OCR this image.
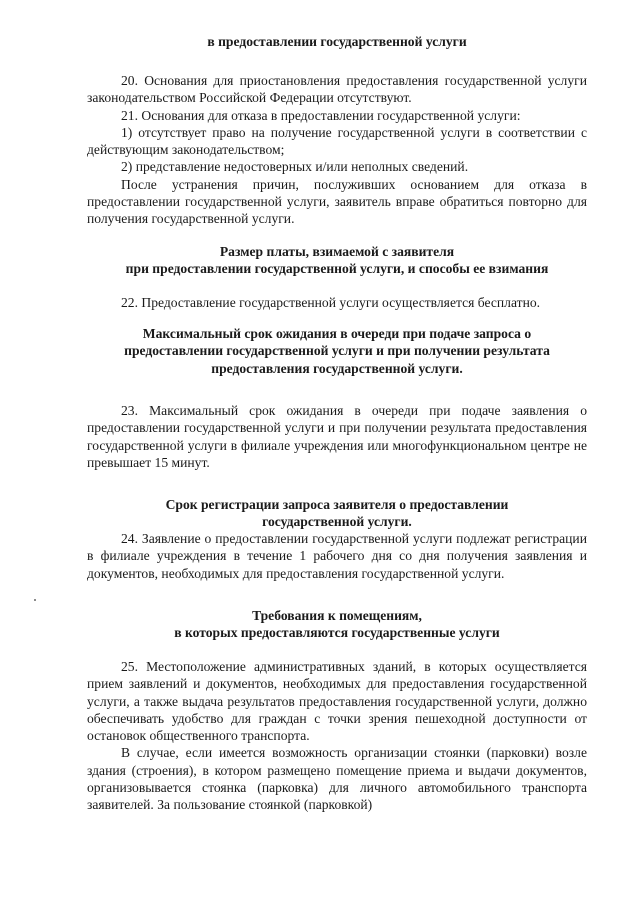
в предоставлении государственной услуги

20. Основания для приостановления предоставления государственной услуги законодательством Российской Федерации отсутствуют.

21. Основания для отказа в предоставлении государственной услуги:

1) отсутствует право на получение государственной услуги в соответствии с действующим законодательством;

2) представление недостоверных и/или неполных сведений.

После устранения причин, послуживших основанием для отказа в предоставлении государственной услуги, заявитель вправе обратиться повторно для получения государственной услуги.

Размер платы, взимаемой с заявителя
при предоставлении государственной услуги, и способы ее взимания

22. Предоставление государственной услуги осуществляется бесплатно.

Максимальный срок ожидания в очереди при подаче запроса о
предоставлении государственной услуги и при получении результата
предоставления государственной услуги.

23. Максимальный срок ожидания в очереди при подаче заявления о предоставлении государственной услуги и при получении результата предоставления государственной услуги в филиале учреждения или многофункциональном центре не превышает 15 минут.

Срок регистрации запроса заявителя о предоставлении
государственной услуги.

24. Заявление о предоставлении государственной услуги подлежат регистрации в филиале учреждения в течение 1 рабочего дня со дня получения заявления и документов, необходимых для предоставления государственной услуги.

Требования к помещениям,
в которых предоставляются государственные услуги

25. Местоположение административных зданий, в которых осуществляется прием заявлений и документов, необходимых для предоставления государственной услуги, а также выдача результатов предоставления государственной услуги, должно обеспечивать удобство для граждан с точки зрения пешеходной доступности от остановок общественного транспорта.

В случае, если имеется возможность организации стоянки (парковки) возле здания (строения), в котором размещено помещение приема и выдачи документов, организовывается стоянка (парковка) для личного автомобильного транспорта заявителей. За пользование стоянкой (парковкой)
